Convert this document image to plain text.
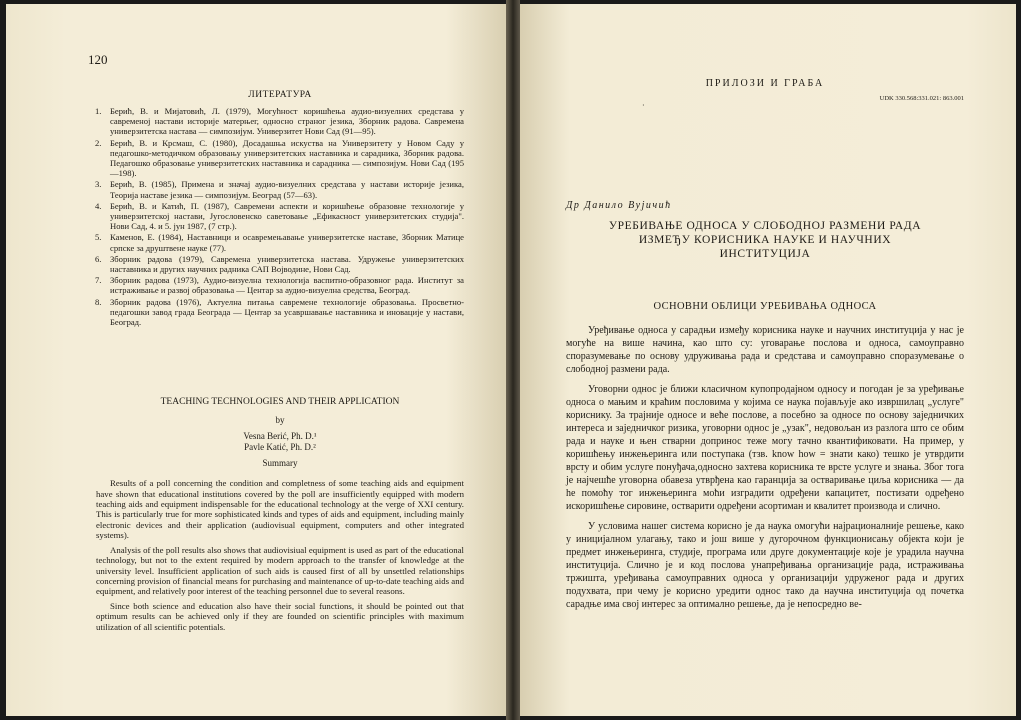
120
ЛИТЕРАТУРА
1. Берић, В. и Мијатовић, Л. (1979), Могућност коришћења аудио-визуелних средстава у савременој настави историје матерњег, односно страног језика, Зборник радова. Савремена универзитетска настава — симпозијум. Универзитет Нови Сад (91—95).
2. Берић, В. и Крсмаш, С. (1980), Досадашња искуства на Универзитету у Новом Саду у педагошко-методичком образовању универзитетских наставника и сарадника, Зборник радова. Педагошко образовање универзитетских наставника и сарадника — симпозијум. Нови Сад (195—198).
3. Берић, В. (1985), Примена и значај аудио-визуелних средстава у настави историје језика, Теорија наставе језика — симпозијум. Београд (57—63).
4. Берић, В. и Катић, П. (1987), Савремени аспекти и коришћење образовне технологије у универзитетској настави, Југословенско саветовање „Ефикасност универзитетских студија". Нови Сад, 4. и 5. јун 1987, (7 стр.).
5. Каменов, Е. (1984), Наставници и осавремењавање универзитетске наставе, Зборник Матице српске за друштвене науке (77).
6. Зборник радова (1979), Савремена универзитетска настава. Удружење универзитетских наставника и других научних радника САП Војводине, Нови Сад.
7. Зборник радова (1973), Аудио-визуелна технологија васпитно-образовног рада. Институт за истраживање и развој образовања — Центар за аудио-визуелна средства, Београд.
8. Зборник радова (1976), Актуелна питања савремене технологије образовања. Просветно-педагошки завод града Београда — Центар за усавршавање наставника и иновације у настави, Београд.
TEACHING TECHNOLOGIES AND THEIR APPLICATION
by
Vesna Berić, Ph. D.¹
Pavle Katić, Ph. D.²
Summary

Results of a poll concerning the condition and completness of some teaching aids and equipment have shown that educational institutions covered by the poll are insufficiently equipped with modern teaching aids and equipment indispensable for the educational technology at the verge of XXI century. This is particularly true for more sophisticated kinds and types of aids and equipment, including mainly electronic devices and their application (audiovisual equipment, computers and other integrated systems).

Analysis of the poll results also shows that audiovisiual equipment is used as part of the educational technology, but not to the extent required by modern approach to the transfer of knowledge at the university level. Insufficient application of such aids is caused first of all by unsettled relationships concerning provision of financial means for purchasing and maintenance of up-to-date teaching aids and equipment, and relatively poor interest of the teaching personnel due to several reasons.

Since both science and education also have their social functions, it should be pointed out that optimum results can be achieved only if they are founded on scientific principles with maximum utilization of all scientific potentials.

ПРИЛОЗИ И ГРАБА
UDK 330.568:331.021: 863.001
·
Др Данило Вујичић
УРЕБИВАЊЕ ОДНОСА У СЛОБОДНОЈ РАЗМЕНИ РАДА
ИЗМЕЂУ КОРИСНИКА НАУКЕ И НАУЧНИХ
ИНСТИТУЦИЈА
ОСНОВНИ ОБЛИЦИ УРЕБИВАЊА ОДНОСА

Уређивање односа у сарадњи између корисника науке и научних институција у нас је могуће на више начина, као што су: уговарање послова и односа, самоуправно споразумевање по основу удруживања рада и средстава и самоуправно споразумевање о слободној размени рада.

Уговорни однос је ближи класичном купопродајном односу и погодан је за уређивање односа о мањим и краћим пословима у којима се наука појављује ако извршилац „услуге" кориснику. За трајније односе и веће послове, а посебно за односе по основу заједничких интереса и заједничког ризика, уговорни однос је „узак", недовољан из разлога што се обим рада и науке и њен стварни допринос теже могу тачно квантификовати. На пример, у коришћењу инжењеринга или поступака (тзв. know how = знати како) тешко је утврдити врсту и обим услуге понуђача,односно захтева корисника те врсте услуге и знања. Због тога је најчешће уговорна обавеза утврђена као гаранција за остваривање циља корисника — да he помоћу тог инжењеринга моћи изградити одређени капацитет, постизати одређено искоришћење сировине, остварити одређени асортиман и квалитет производа и слично.

У условима нашег система корисно је да наука омогући најрационалније решење, како у иницијалном улагању, тако и још више у дугорочном функционисању објекта који је предмет инжењеринга, студије, програма или друге документације које је урадила научна институција. Слично је и код послова унапређивања организације рада, истраживања тржишта, уређивања самоуправних односа у организацији удруженог рада и других подухвата, при чему је корисно уредити однос тако да научна институција од почетка сарадње има свој интерес за оптимално решење, да је непосредно ве-
